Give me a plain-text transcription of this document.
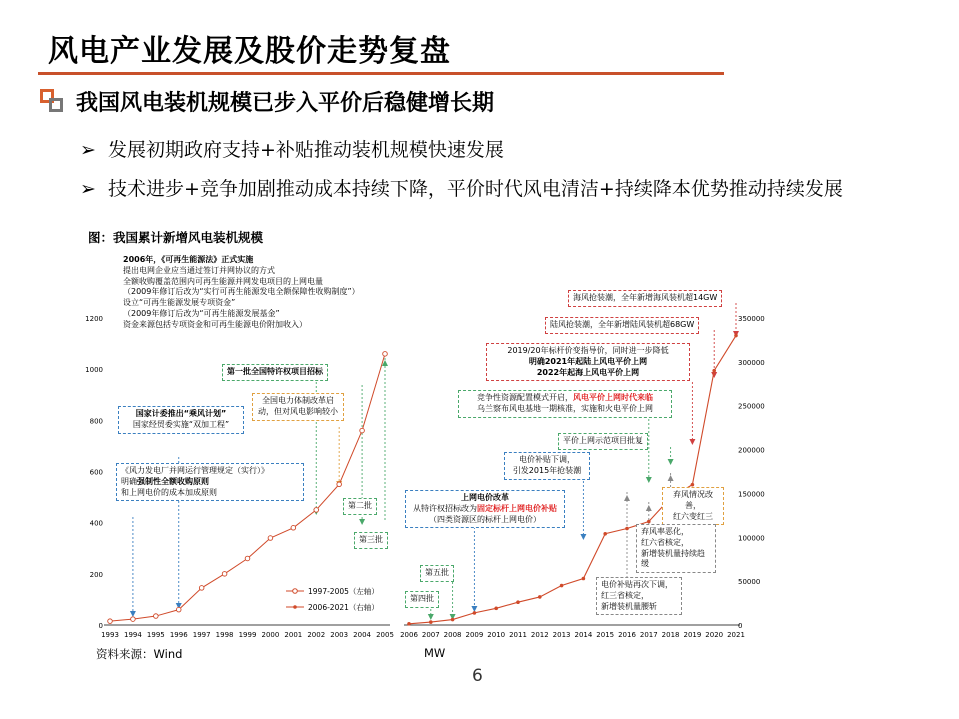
风电产业发展及股价走势复盘
我国风电装机规模已步入平价后稳健增长期
➢ 发展初期政府支持+补贴推动装机规模快速发展
➢ 技术进步+竞争加剧推动成本持续下降，平价时代风电清洁+持续降本优势推动持续发展
图：我国累计新增风电装机规模
0
200
400
600
800
1000
1200
0
50000
100000
150000
200000
250000
300000
350000
1993 1994 1995 1996 1997 1998 1999 2000 2001 2002 2003 2004 2005 2006 2007 2008 2009 2010 2011 2012 2013 2014 2015 2016 2017 2018 2019 2020 2021
1997-2005（左轴）
2006-2021（右轴）
2006年，《可再生能源法》正式实施
提出电网企业应当通过签订并网协议的方式
全额收购覆盖范围内可再生能源并网发电项目的上网电量
（2009年修订后改为“实行可再生能源发电全额保障性收购制度”）
设立“可再生能源发展专项资金”
（2009年修订后改为“可再生能源发展基金”
资金来源包括专项资金和可再生能源电价附加收入）
第一批全国特许权项目招标
全国电力体制改革启动，但对风电影响较小
国家计委推出“乘风计划”
国家经贸委实施“双加工程”
《风力发电厂并网运行管理规定（实行）》
明确强制性全额收购原则
和上网电价的成本加成原则
第二批
第三批
第五批
第四批
上网电价改革
从特许权招标改为固定标杆上网电价补贴
（四类资源区的标杆上网电价）
电价补贴下调，
引发2015年抢装潮
平价上网示范项目批复
竞争性资源配置模式开启，风电平价上网时代来临
乌兰察布风电基地一期核准，实施和火电平价上网
2019/20年标杆价变指导价，同时进一步降低
明确2021年起陆上风电平价上网
2022年起海上风电平价上网
陆风抢装潮，全年新增陆风装机超68GW
海风抢装潮，全年新增海风装机超14GW
弃风情况改善，
红六变红三
弃风率恶化，
红六省核定，
新增装机量持续趋缓
电价补贴再次下调，
红三省核定，
新增装机量腰斩
资料来源：Wind	MW
6
